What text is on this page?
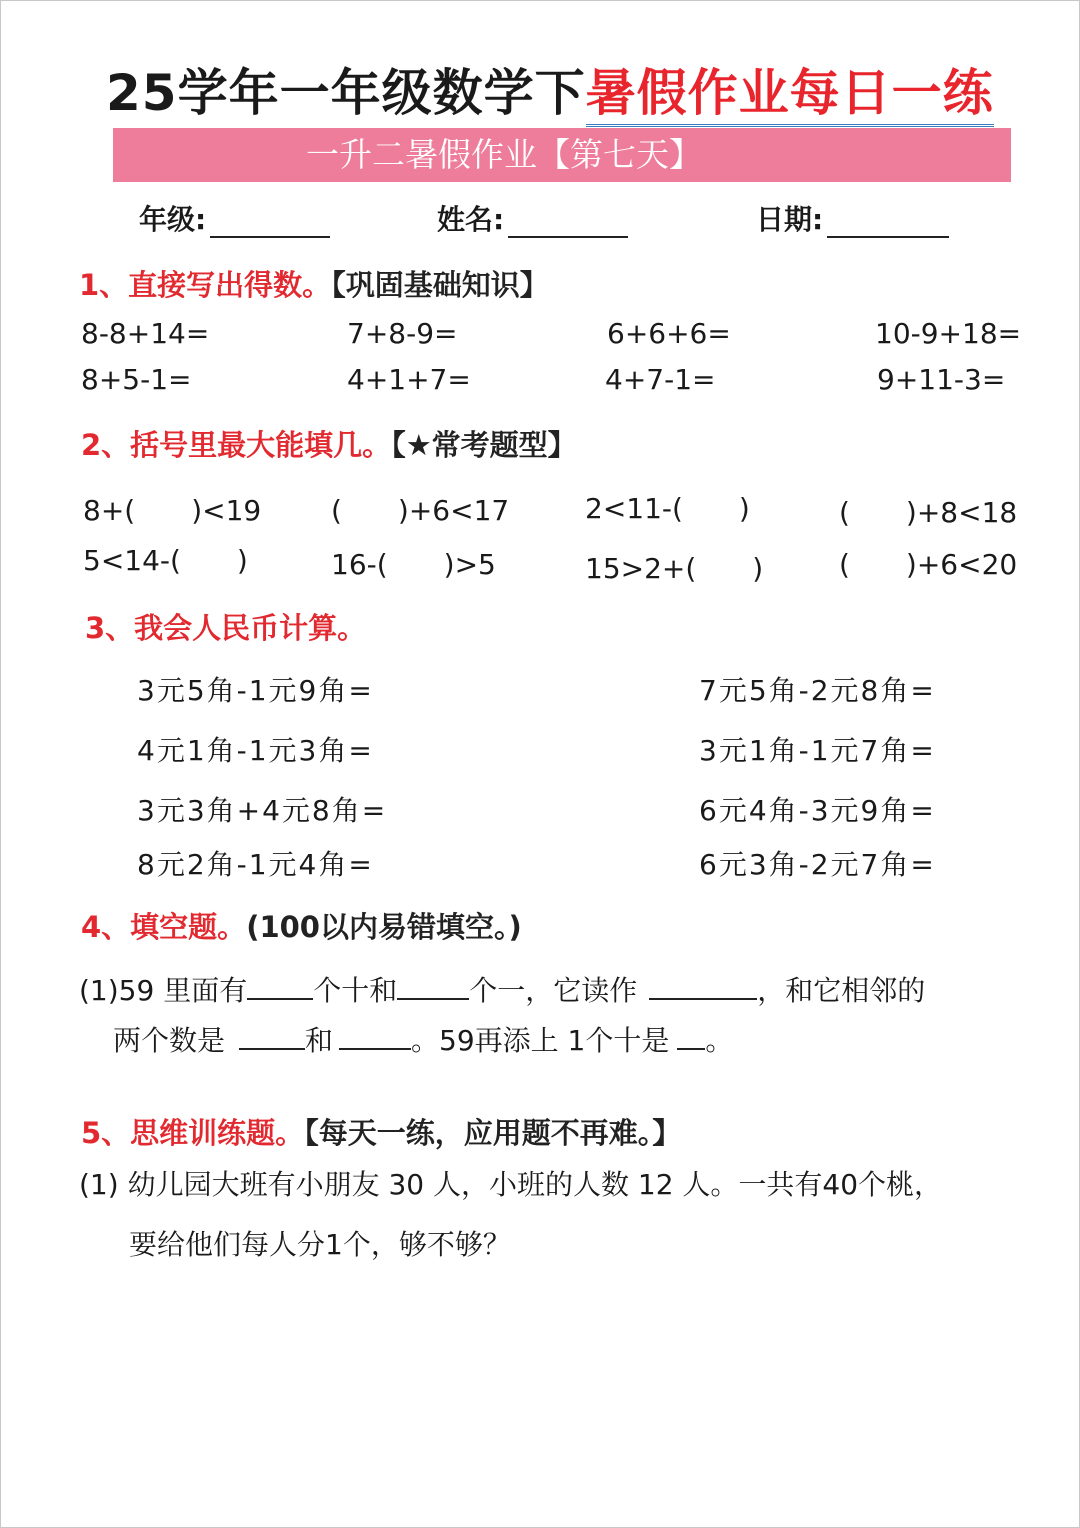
25学年一年级数学下暑假作业每日一练
一升二暑假作业【第七天】
年级:	姓名:	日期:
1、直接写出得数。【巩固基础知识】
8-8+14=	7+8-9=	6+6+6=	10-9+18=
8+5-1=	4+1+7=	4+7-1=	9+11-3=
2、括号里最大能填几。【★常考题型】
8+(　　)<19 (　　)+6<17	2<11-(　　)	(　　)+8<18
5<14-(　　)	16-(　　)>5	15>2+(　　)	(　　)+6<20
3、我会人民币计算。
3元5角-1元9角=	7元5角-2元8角=
4元1角-1元3角=	3元1角-1元7角=
3元3角+4元8角=	6元4角-3元9角=
8元2角-1元4角=	6元3角-2元7角=
4、填空题。(100以内易错填空。)
(1)59 里面有 个十和	个一，它读作	，和它相邻的
两个数是	和	。59再添上 1个十是 。
5、思维训练题。【每天一练，应用题不再难。】
(1) 幼儿园大班有小朋友 30 人，小班的人数 12 人。一共有40个桃，
要给他们每人分1个，够不够？
